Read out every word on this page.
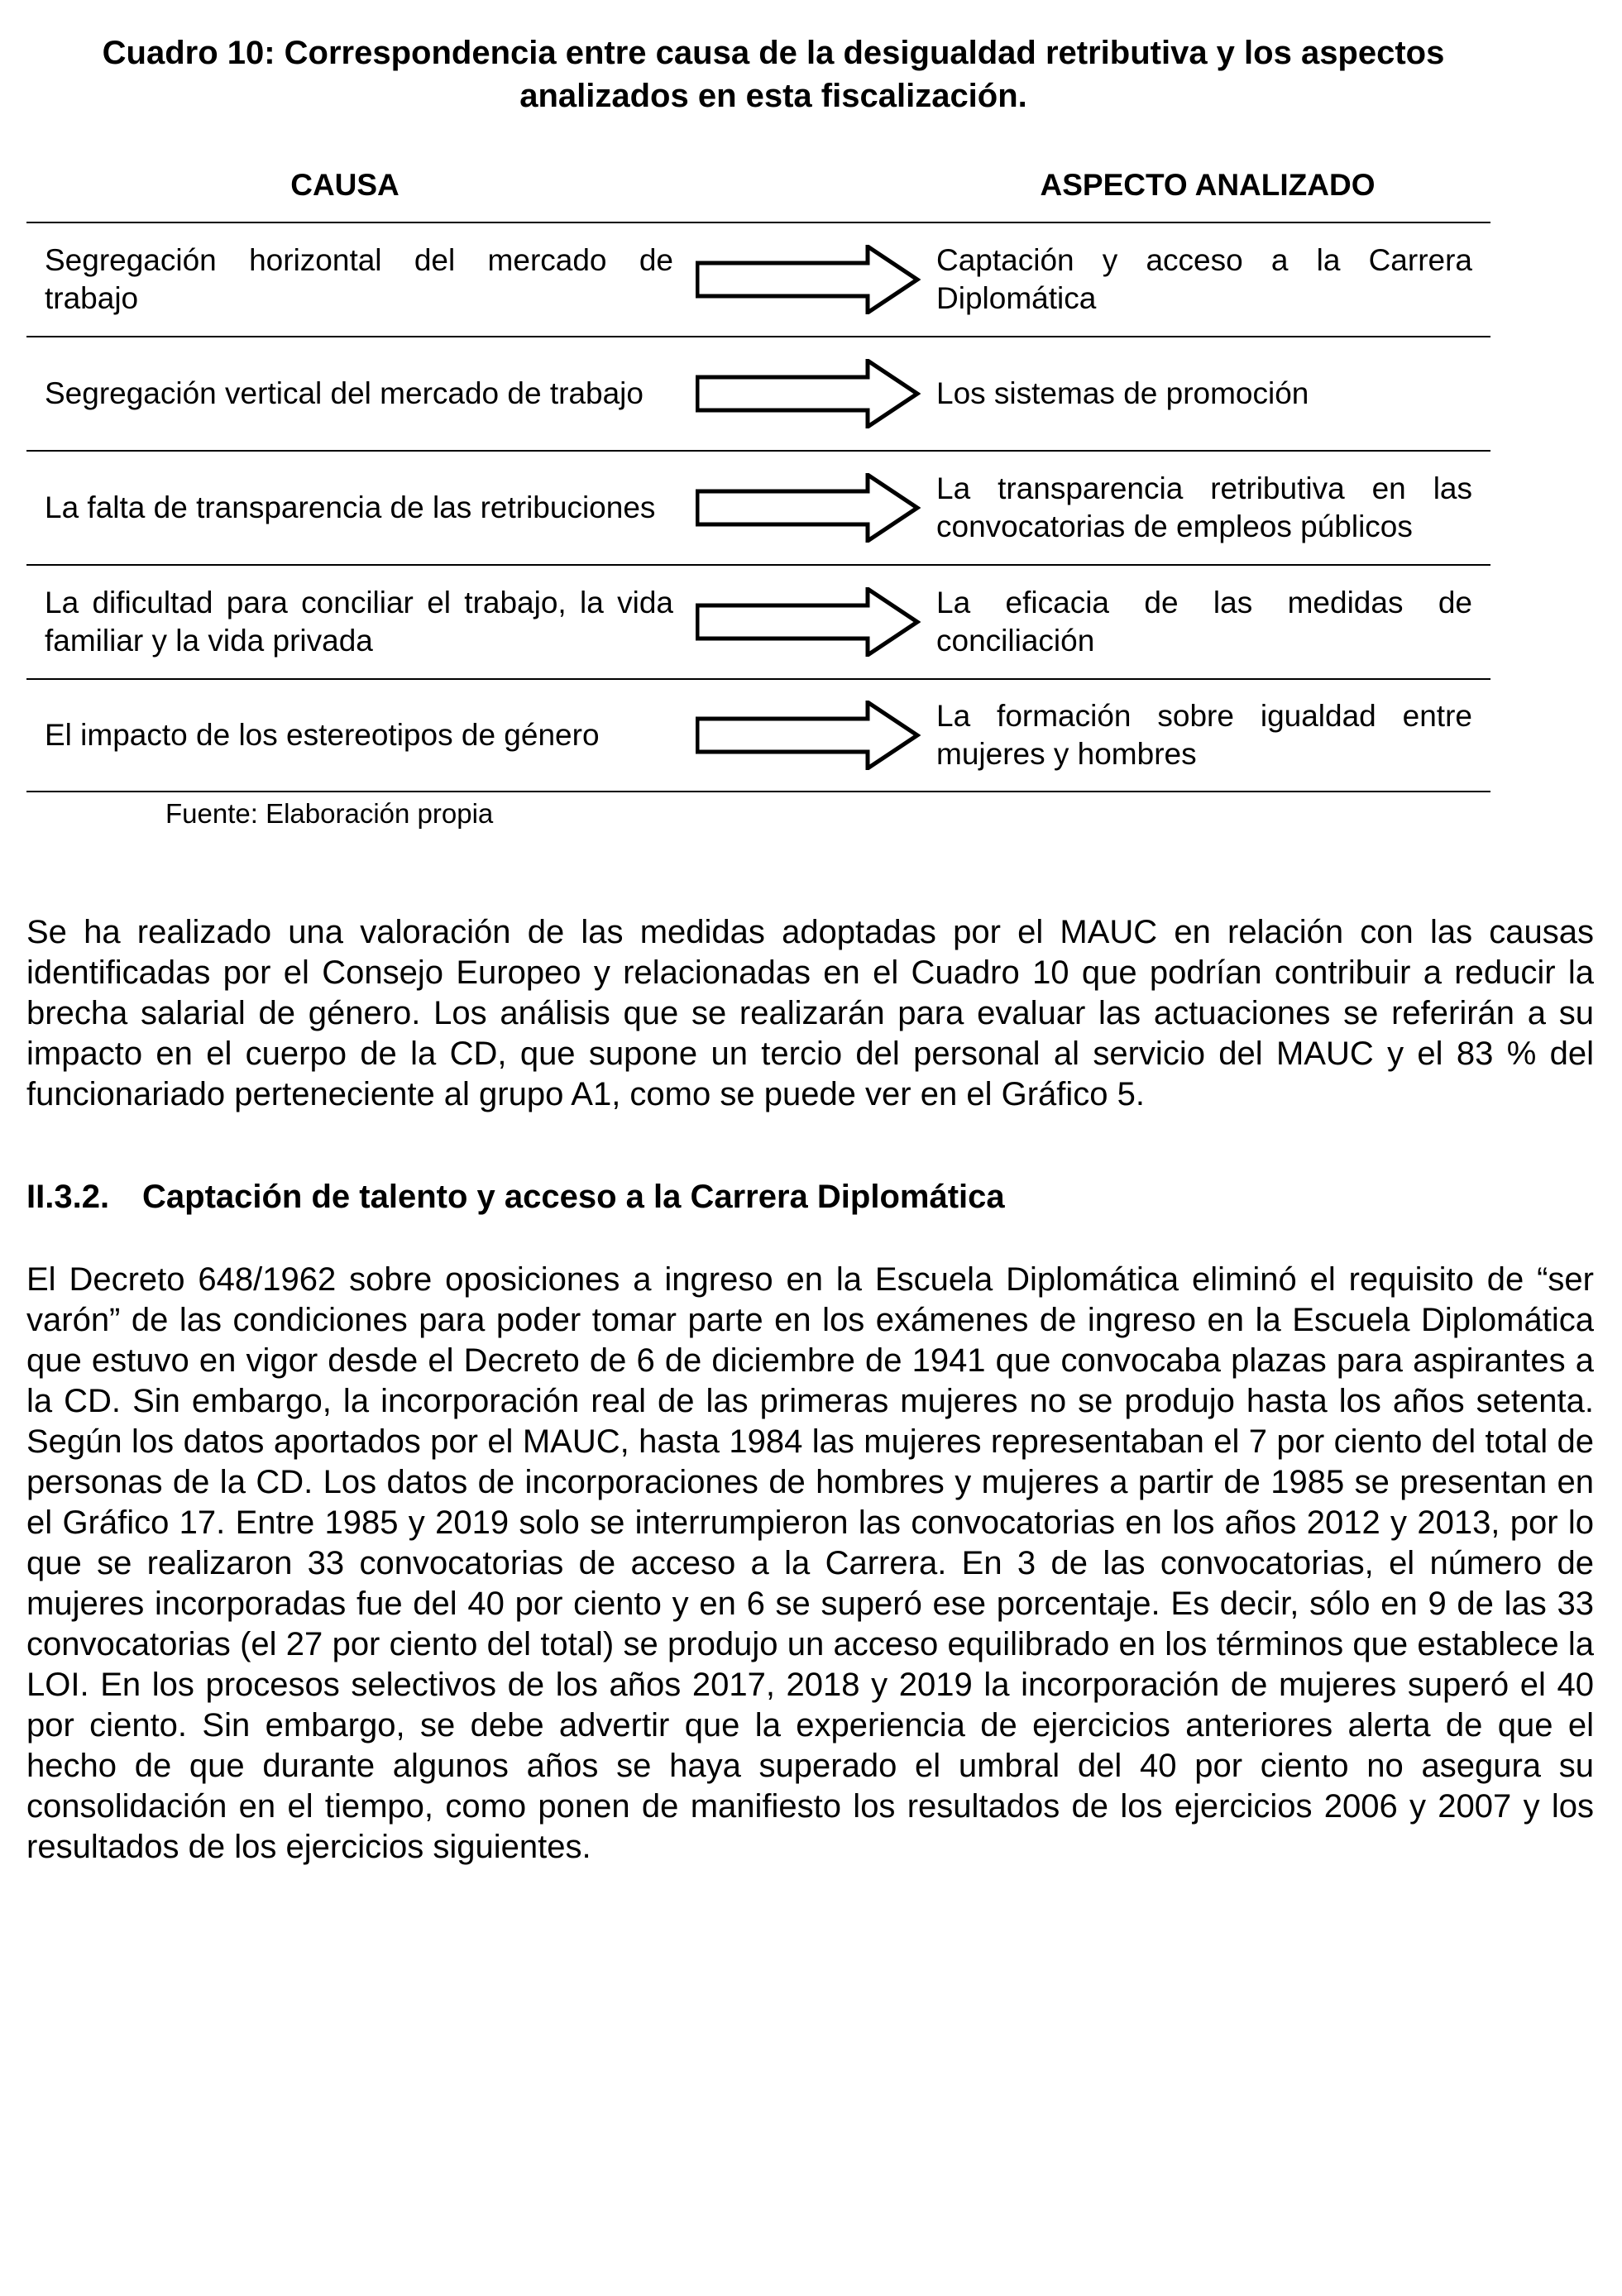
Cuadro 10: Correspondencia entre causa de la desigualdad retributiva y los aspectos
analizados en esta fiscalización.
CAUSA	ASPECTO ANALIZADO
Segregación horizontal del mercado de trabajo
Captación y acceso a la Carrera Diplomática
Segregación vertical del mercado de trabajo	Los sistemas de promoción
La falta de transparencia de las retribuciones
La transparencia retributiva en las convocatorias de empleos públicos
La dificultad para conciliar el trabajo, la vida familiar y la vida privada
La eficacia de las medidas de conciliación
El impacto de los estereotipos de género
La formación sobre igualdad entre mujeres y hombres
Fuente: Elaboración propia
Se ha realizado una valoración de las medidas adoptadas por el MAUC en relación con las causas identificadas por el Consejo Europeo y relacionadas en el Cuadro 10 que podrían contribuir a reducir la brecha salarial de género. Los análisis que se realizarán para evaluar las actuaciones se referirán a su impacto en el cuerpo de la CD, que supone un tercio del personal al servicio del MAUC y el 83 % del funcionariado perteneciente al grupo A1, como se puede ver en el Gráfico 5.
II.3.2. Captación de talento y acceso a la Carrera Diplomática
El Decreto 648/1962 sobre oposiciones a ingreso en la Escuela Diplomática eliminó el requisito de “ser varón” de las condiciones para poder tomar parte en los exámenes de ingreso en la Escuela Diplomática que estuvo en vigor desde el Decreto de 6 de diciembre de 1941 que convocaba plazas para aspirantes a la CD. Sin embargo, la incorporación real de las primeras mujeres no se produjo hasta los años setenta. Según los datos aportados por el MAUC, hasta 1984 las mujeres representaban el 7 por ciento del total de personas de la CD. Los datos de incorporaciones de hombres y mujeres a partir de 1985 se presentan en el Gráfico 17. Entre 1985 y 2019 solo se interrumpieron las convocatorias en los años 2012 y 2013, por lo que se realizaron 33 convocatorias de acceso a la Carrera. En 3 de las convocatorias, el número de mujeres incorporadas fue del 40 por ciento y en 6 se superó ese porcentaje. Es decir, sólo en 9 de las 33 convocatorias (el 27 por ciento del total) se produjo un acceso equilibrado en los términos que establece la LOI. En los procesos selectivos de los años 2017, 2018 y 2019 la incorporación de mujeres superó el 40 por ciento. Sin embargo, se debe advertir que la experiencia de ejercicios anteriores alerta de que el hecho de que durante algunos años se haya superado el umbral del 40 por ciento no asegura su consolidación en el tiempo, como ponen de manifiesto los resultados de los ejercicios 2006 y 2007 y los resultados de los ejercicios siguientes.
